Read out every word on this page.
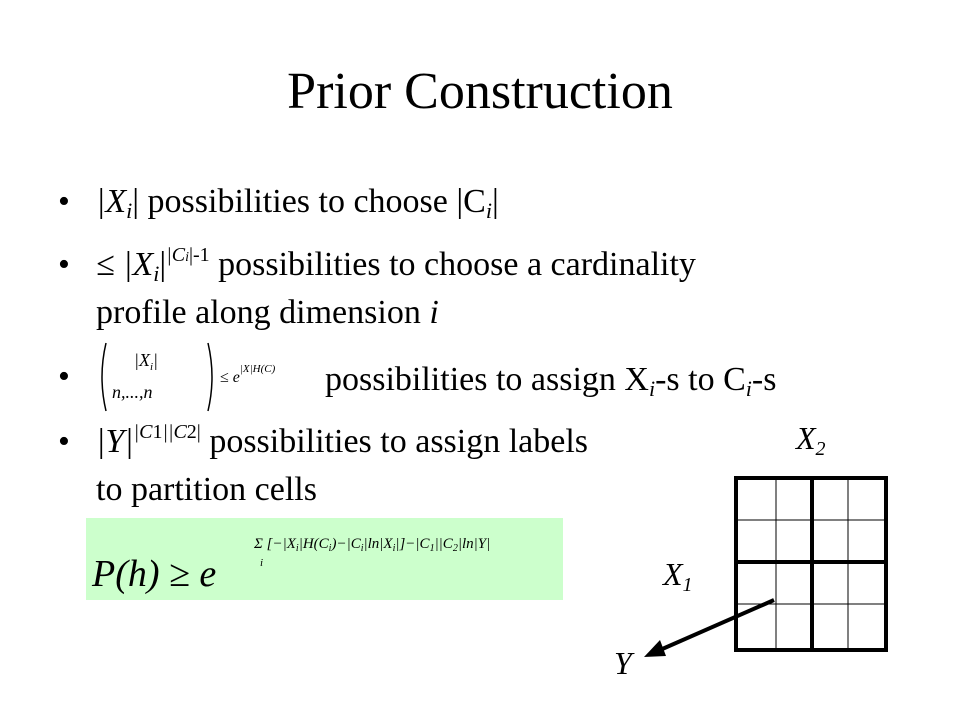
Prior Construction
• $|X_i|$ possibilities to choose $|C_i|$
• ≤ $|X_i|^{|Ci|-1}$ possibilities to choose a cardinality
profile along dimension i
•	$|X_i|$
n,...,n
≤ $e^{|X}|H(C)$ possibilities to assign $X_i-s$ to $C_i-s$
• $|Y|^{|C1||C2|}$ possibilities to assign labels
to partition cells
P(h) ≥ e
Σ $[-|X_i|H(C_i)-|C_i|\ln|X_i|]-|C_1||C_2|\ln|Y|$
i
$X_2$
$X_1$
Y
